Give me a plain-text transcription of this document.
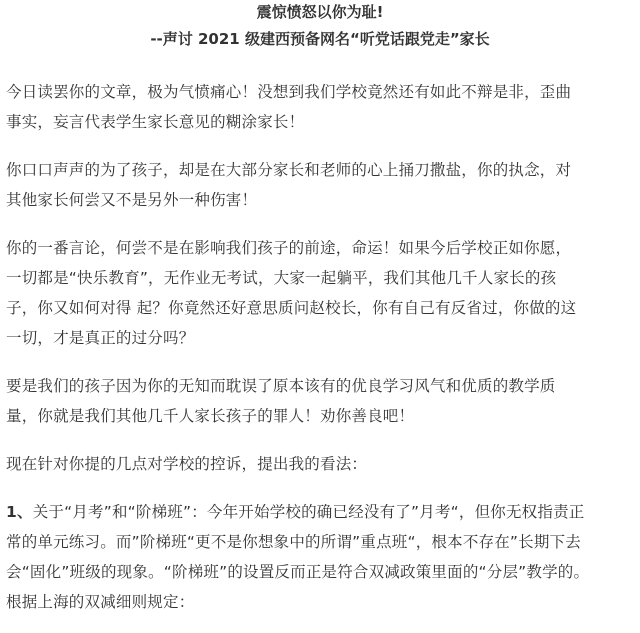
震惊愤怒以你为耻!
--声讨 2021 级建西预备网名“听党话跟党走”家长

今日读罢你的文章，极为气愤痛心！没想到我们学校竟然还有如此不辩是非，歪曲
事实，妄言代表学生家长意见的糊涂家长！

你口口声声的为了孩子，却是在大部分家长和老师的心上捅刀撒盐，你的执念，对
其他家长何尝又不是另外一种伤害！

你的一番言论，何尝不是在影响我们孩子的前途，命运！如果今后学校正如你愿，
一切都是“快乐教育”，无作业无考试，大家一起躺平，我们其他几千人家长的孩
子，你又如何对得 起？你竟然还好意思质问赵校长，你有自己有反省过，你做的这
一切，才是真正的过分吗？

要是我们的孩子因为你的无知而耽误了原本该有的优良学习风气和优质的教学质
量，你就是我们其他几千人家长孩子的罪人！劝你善良吧！

现在针对你提的几点对学校的控诉，提出我的看法：

1、关于“月考”和“阶梯班”：今年开始学校的确已经没有了”月考“，但你无权指责正
常的单元练习。而”阶梯班“更不是你想象中的所谓”重点班“，根本不存在”长期下去
会“固化”班级的现象。“阶梯班”的设置反而正是符合双减政策里面的“分层”教学的。
根据上海的双减细则规定：
